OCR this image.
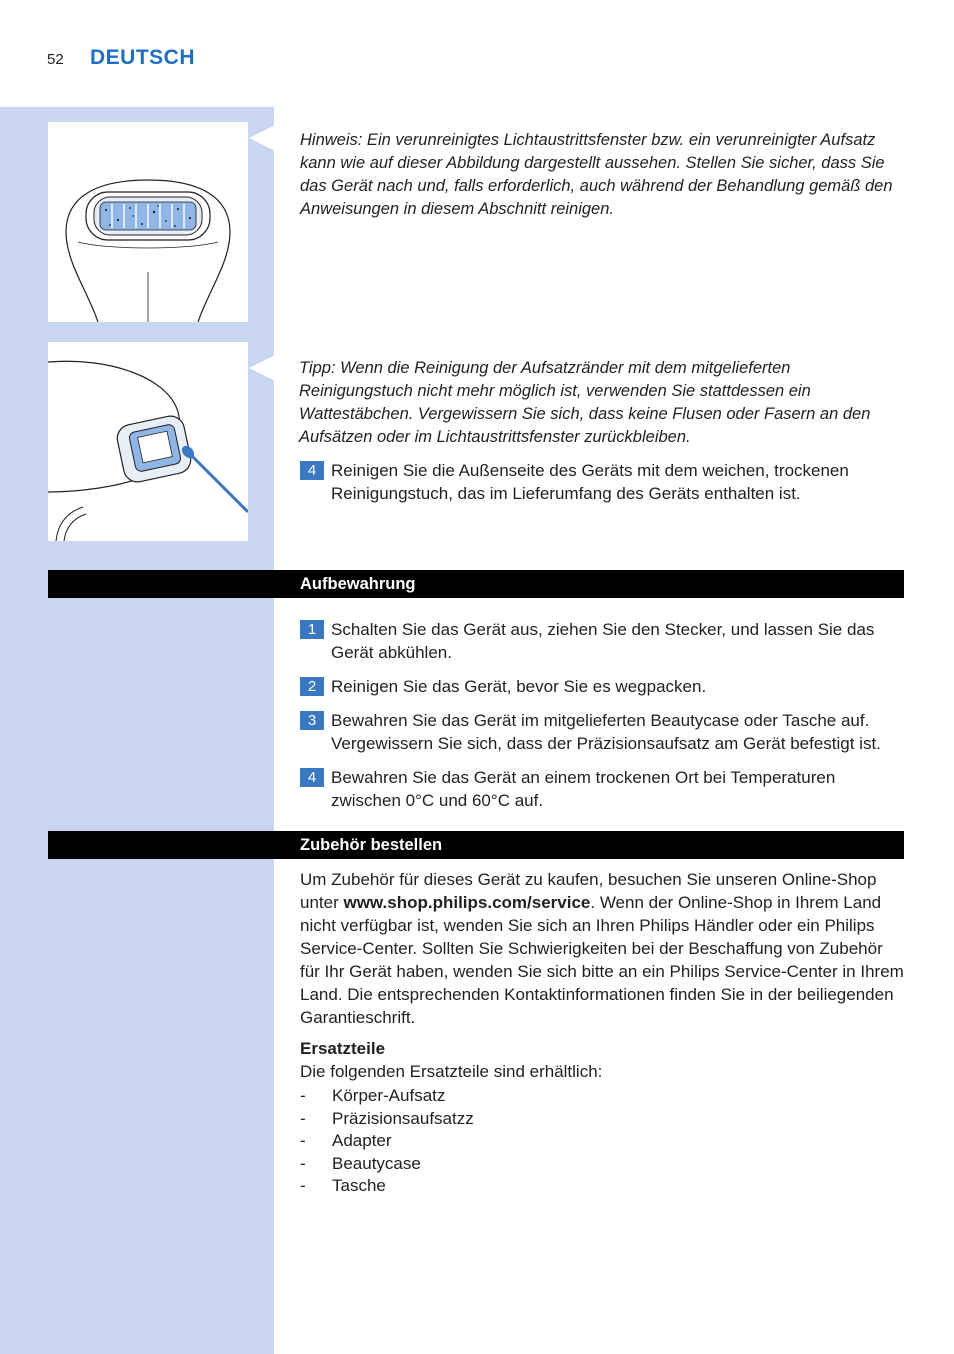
52 DEUTSCH

Hinweis: Ein verunreinigtes Lichtaustrittsfenster bzw. ein verunreinigter Aufsatz kann wie auf dieser Abbildung dargestellt aussehen. Stellen Sie sicher, dass Sie das Gerät nach und, falls erforderlich, auch während der Behandlung gemäß den Anweisungen in diesem Abschnitt reinigen.

Tipp: Wenn die Reinigung der Aufsatzränder mit dem mitgelieferten Reinigungstuch nicht mehr möglich ist, verwenden Sie stattdessen ein Wattestäbchen. Vergewissern Sie sich, dass keine Flusen oder Fasern an den Aufsätzen oder im Lichtaustrittsfenster zurückbleiben.

4 Reinigen Sie die Außenseite des Geräts mit dem weichen, trockenen Reinigungstuch, das im Lieferumfang des Geräts enthalten ist.
Aufbewahrung
1 Schalten Sie das Gerät aus, ziehen Sie den Stecker, und lassen Sie das Gerät abkühlen.
2 Reinigen Sie das Gerät, bevor Sie es wegpacken.
3 Bewahren Sie das Gerät im mitgelieferten Beautycase oder Tasche auf. Vergewissern Sie sich, dass der Präzisionsaufsatz am Gerät befestigt ist.
4 Bewahren Sie das Gerät an einem trockenen Ort bei Temperaturen zwischen 0°C und 60°C auf.
Zubehör bestellen

Um Zubehör für dieses Gerät zu kaufen, besuchen Sie unseren Online-Shop unter www.shop.philips.com/service. Wenn der Online-Shop in Ihrem Land nicht verfügbar ist, wenden Sie sich an Ihren Philips Händler oder ein Philips Service-Center. Sollten Sie Schwierigkeiten bei der Beschaffung von Zubehör für Ihr Gerät haben, wenden Sie sich bitte an ein Philips Service-Center in Ihrem Land. Die entsprechenden Kontaktinformationen finden Sie in der beiliegenden Garantieschrift.

Ersatzteile
Die folgenden Ersatzteile sind erhältlich:
- Körper-Aufsatz
- Präzisionsaufsatzz
- Adapter
- Beautycase
- Tasche
